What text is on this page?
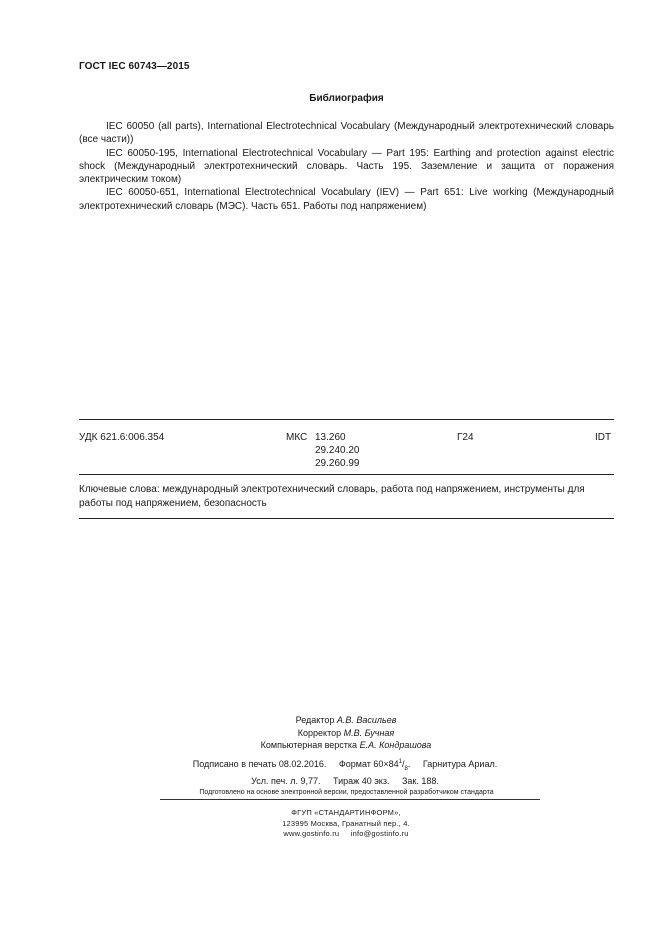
ГОСТ IEC 60743—2015
Библиография

IEC 60050 (all parts), International Electrotechnical Vocabulary (Международный электротехнический словарь (все части))

IEC 60050-195, International Electrotechnical Vocabulary — Part 195: Earthing and protection against electric shock (Международный электротехнический словарь. Часть 195. Заземление и защита от поражения электрическим током)

IEC 60050-651, International Electrotechnical Vocabulary (IEV) — Part 651: Live working (Международный электротехнический словарь (МЭС). Часть 651. Работы под напряжением)

УДК 621.6:006.354	МКС 13.260
29.240.20
29.260.99
Г24	IDT
Ключевые слова: международный электротехнический словарь, работа под напряжением, инструменты для работы под напряжением, безопасность
Редактор А.В. Васильев
Корректор М.В. Бучная
Компьютерная верстка Е.А. Кондрашова
Подписано в печать 08.02.2016. Формат $60\times 84^1/_8$. Гарнитура Ариал.
Усл. печ. л. 9,77. Тираж 40 экз. Зак. 188.
Подготовлено на основе электронной версии, предоставленной разработчиком стандарта
ФГУП «СТАНДАРТИНФОРМ»,
123995 Москва, Гранатный пер., 4.
www.gostinfo.ru     info@gostinfo.ru
